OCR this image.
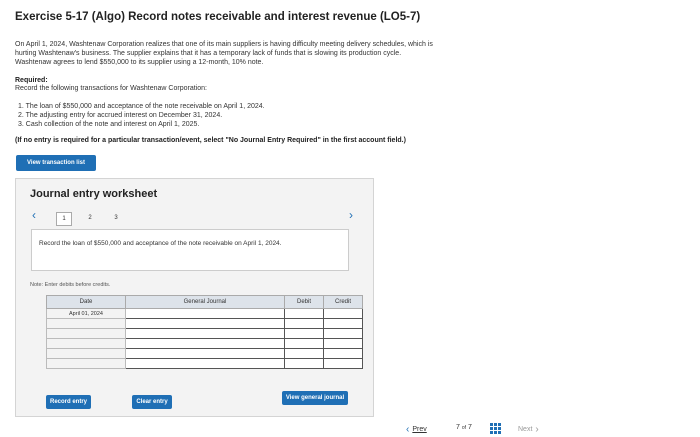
Exercise 5-17 (Algo) Record notes receivable and interest revenue (LO5-7)
On April 1, 2024, Washtenaw Corporation realizes that one of its main suppliers is having difficulty meeting delivery schedules, which is
hurting Washtenaw's business. The supplier explains that it has a temporary lack of funds that is slowing its production cycle.
Washtenaw agrees to lend $550,000 to its supplier using a 12-month, 10% note.
Required:
Record the following transactions for Washtenaw Corporation:
1. The loan of $550,000 and acceptance of the note receivable on April 1, 2024.
2. The adjusting entry for accrued interest on December 31, 2024.
3. Cash collection of the note and interest on April 1, 2025.
(If no entry is required for a particular transaction/event, select "No Journal Entry Required" in the first account field.)
View transaction list
Journal entry worksheet
‹	1	2	3	›
Record the loan of $550,000 and acceptance of the note receivable on April 1, 2024.
Note: Enter debits before credits.
Date	General Journal	Debit	Credit
April 01, 2024			

Record entry	Clear entry
View general journal
‹ Prev	7
of
7	Next ›
